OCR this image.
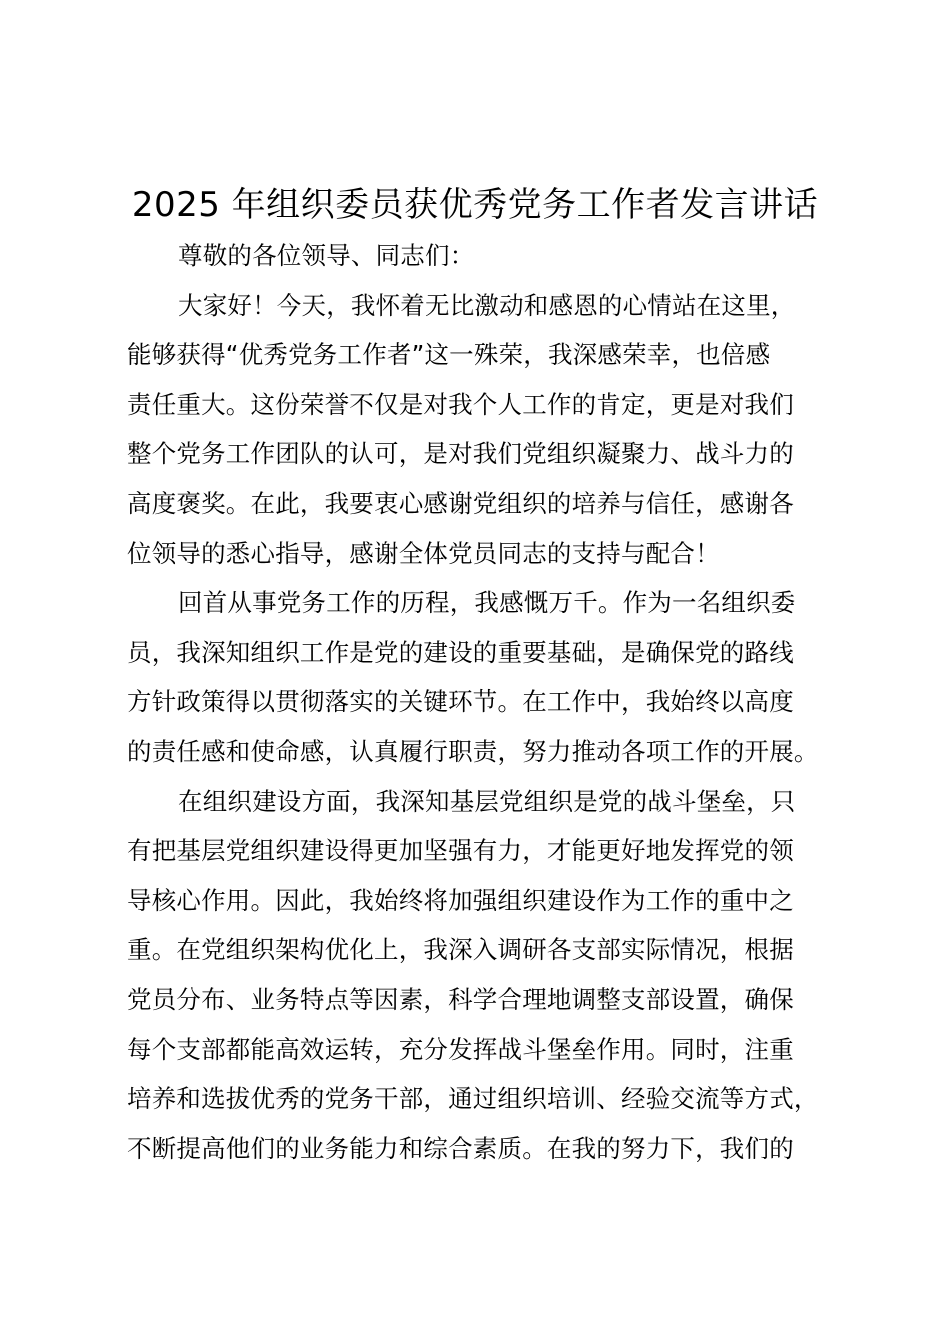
2025 年组织委员获优秀党务工作者发言讲话
尊敬的各位领导、同志们：
大家好！今天，我怀着无比激动和感恩的心情站在这里，
能够获得“优秀党务工作者”这一殊荣，我深感荣幸，也倍感
责任重大。这份荣誉不仅是对我个人工作的肯定，更是对我们
整个党务工作团队的认可，是对我们党组织凝聚力、战斗力的
高度褒奖。在此，我要衷心感谢党组织的培养与信任，感谢各
位领导的悉心指导，感谢全体党员同志的支持与配合！
回首从事党务工作的历程，我感慨万千。作为一名组织委
员，我深知组织工作是党的建设的重要基础，是确保党的路线
方针政策得以贯彻落实的关键环节。在工作中，我始终以高度
的责任感和使命感，认真履行职责，努力推动各项工作的开展。
在组织建设方面，我深知基层党组织是党的战斗堡垒，只
有把基层党组织建设得更加坚强有力，才能更好地发挥党的领
导核心作用。因此，我始终将加强组织建设作为工作的重中之
重。在党组织架构优化上，我深入调研各支部实际情况，根据
党员分布、业务特点等因素，科学合理地调整支部设置，确保
每个支部都能高效运转，充分发挥战斗堡垒作用。同时，注重
培养和选拔优秀的党务干部，通过组织培训、经验交流等方式，
不断提高他们的业务能力和综合素质。在我的努力下，我们的
